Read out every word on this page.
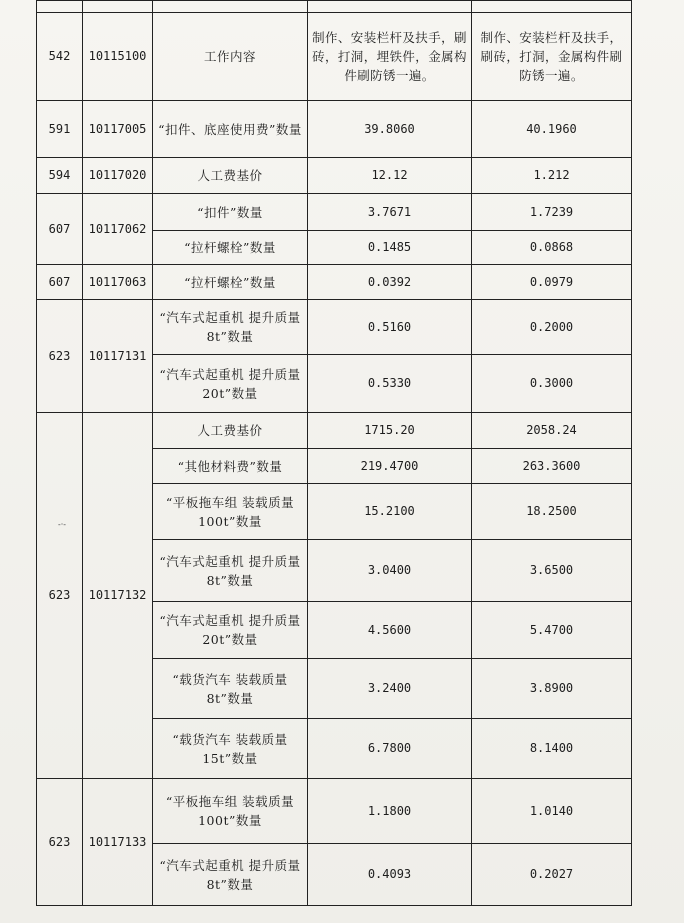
-·-

542	10115100	工作内容	制作、安装栏杆及扶手，刷砖，打洞，埋铁件，金属构件刷防锈一遍。	制作、安装栏杆及扶手，刷砖，打洞，金属构件刷防锈一遍。
591	10117005	“扣件、底座使用费”数量	39.8060	40.1960
594	10117020	人工费基价	12.12	1.212
607	10117062	“扣件”数量	3.7671	1.7239
		“拉杆螺栓”数量	0.1485	0.0868
607	10117063	“拉杆螺栓”数量	0.0392	0.0979
623	10117131	“汽车式起重机 提升质量 8t”数量	0.5160	0.2000
		“汽车式起重机 提升质量 20t”数量	0.5330	0.3000
623	10117132	人工费基价	1715.20	2058.24
		“其他材料费”数量	219.4700	263.3600
		“平板拖车组 装载质量 100t”数量	15.2100	18.2500
		“汽车式起重机 提升质量 8t”数量	3.0400	3.6500
		“汽车式起重机 提升质量 20t”数量	4.5600	5.4700
		“载货汽车 装载质量 8t”数量	3.2400	3.8900
		“载货汽车 装载质量 15t”数量	6.7800	8.1400
623	10117133	“平板拖车组 装载质量 100t”数量	1.1800	1.0140
		“汽车式起重机 提升质量 8t”数量	0.4093	0.2027
